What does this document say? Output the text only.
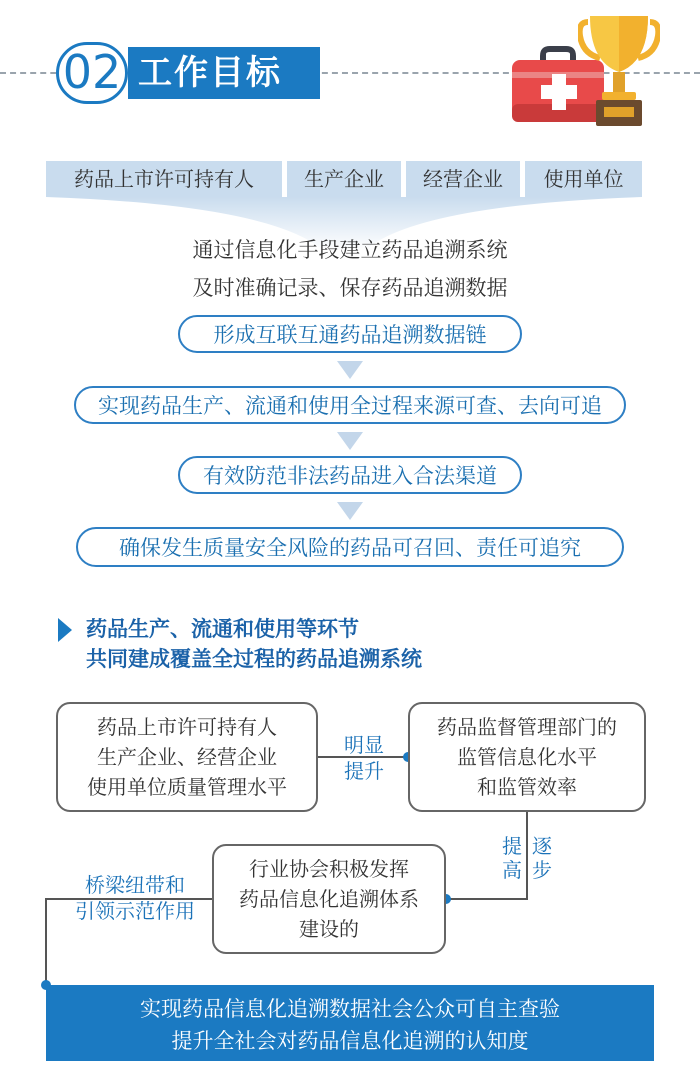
工作目标
02
药品上市许可持有人	生产企业	经营企业	使用单位
通过信息化手段建立药品追溯系统
及时准确记录、保存药品追溯数据
形成互联互通药品追溯数据链
实现药品生产、流通和使用全过程来源可查、去向可追
有效防范非法药品进入合法渠道
确保发生质量安全风险的药品可召回、责任可追究
药品生产、流通和使用等环节
共同建成覆盖全过程的药品追溯系统
药品上市许可持有人
生产企业、经营企业
使用单位质量管理水平
药品监督管理部门的
监管信息化水平
和监管效率
行业协会积极发挥
药品信息化追溯体系
建设的
明显
提升
提
高
逐
步
桥梁纽带和
引领示范作用
实现药品信息化追溯数据社会公众可自主查验
提升全社会对药品信息化追溯的认知度
